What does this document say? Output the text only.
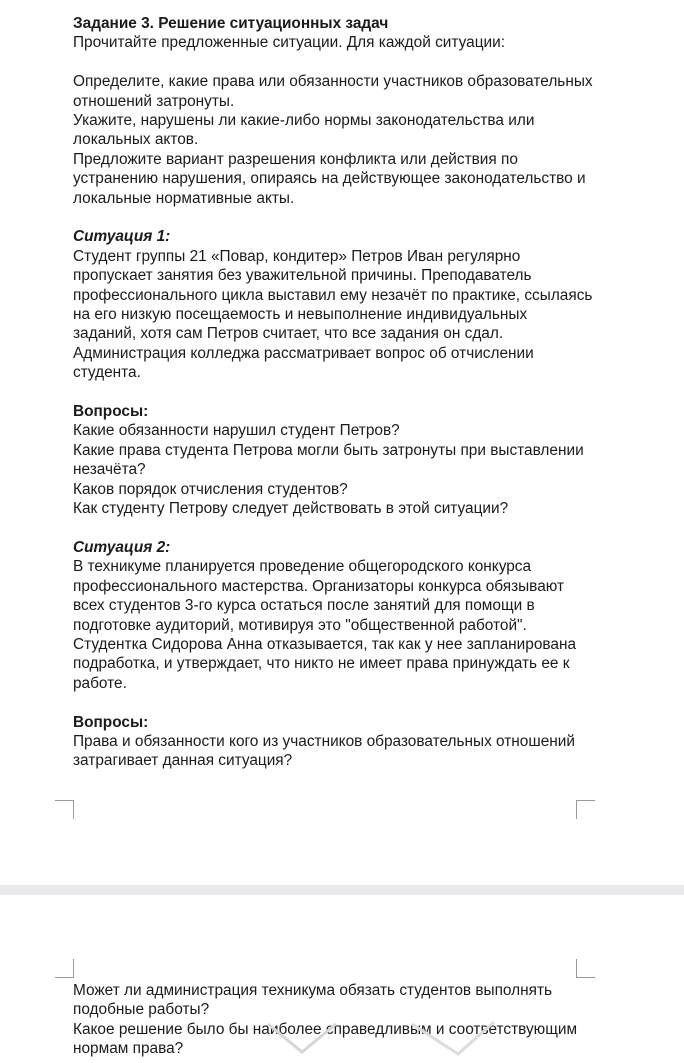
Задание 3. Решение ситуационных задач

Прочитайте предложенные ситуации. Для каждой ситуации:

Определите, какие права или обязанности участников образовательных отношений затронуты.

Укажите, нарушены ли какие-либо нормы законодательства или локальных актов.

Предложите вариант разрешения конфликта или действия по устранению нарушения, опираясь на действующее законодательство и локальные нормативные акты.

Ситуация 1:

Студент группы 21 «Повар, кондитер» Петров Иван регулярно пропускает занятия без уважительной причины. Преподаватель профессионального цикла выставил ему незачёт по практике, ссылаясь на его низкую посещаемость и невыполнение индивидуальных заданий, хотя сам Петров считает, что все задания он сдал. Администрация колледжа рассматривает вопрос об отчислении студента.

Вопросы:

Какие обязанности нарушил студент Петров?

Какие права студента Петрова могли быть затронуты при выставлении незачёта?

Каков порядок отчисления студентов?

Как студенту Петрову следует действовать в этой ситуации?

Ситуация 2:

В техникуме планируется проведение общегородского конкурса профессионального мастерства. Организаторы конкурса обязывают всех студентов 3-го курса остаться после занятий для помощи в подготовке аудиторий, мотивируя это "общественной работой". Студентка Сидорова Анна отказывается, так как у нее запланирована подработка, и утверждает, что никто не имеет права принуждать ее к работе.

Вопросы:

Права и обязанности кого из участников образовательных отношений затрагивает данная ситуация?

Может ли администрация техникума обязать студентов выполнять подобные работы?

Какое решение было бы наиболее справедливым и соответствующим нормам права?
